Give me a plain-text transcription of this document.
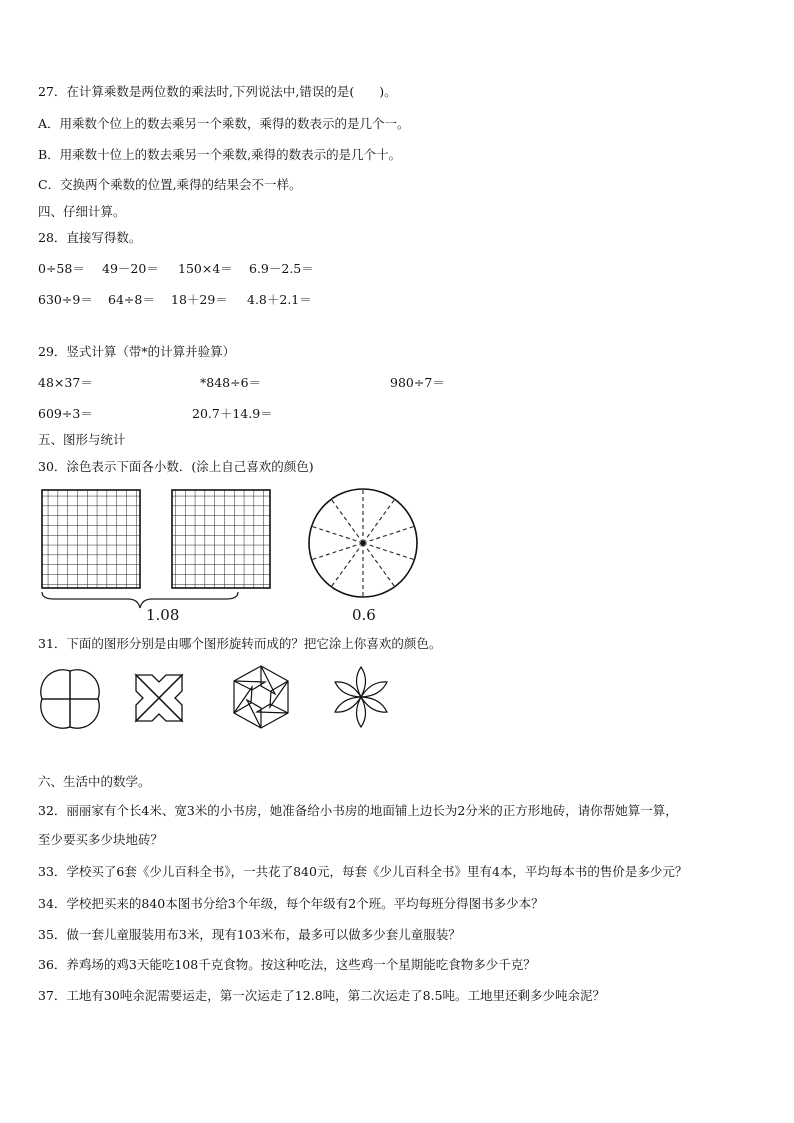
27．在计算乘数是两位数的乘法时,下列说法中,错误的是(　　)。
A．用乘数个位上的数去乘另一个乘数，乘得的数表示的是几个一。
B．用乘数十位上的数去乘另一个乘数,乘得的数表示的是几个十。
C．交换两个乘数的位置,乘得的结果会不一样。
四、仔细计算。
28．直接写得数。
0÷58＝ 49－20＝ 150×4＝ 6.9－2.5＝
630÷9＝ 64÷8＝ 18＋29＝ 4.8＋2.1＝
29．竖式计算（带*的计算并验算）
48×37＝	*848÷6＝	980÷7＝
609÷3＝	20.7＋14.9＝
五、图形与统计
30．涂色表示下面各小数．(涂上自己喜欢的颜色)
1.08	0.6
31．下面的图形分别是由哪个图形旋转而成的？把它涂上你喜欢的颜色。
六、生活中的数学。
32．丽丽家有个长4米、宽3米的小书房，她准备给小书房的地面铺上边长为2分米的正方形地砖，请你帮她算一算，
至少要买多少块地砖？
33．学校买了6套《少儿百科全书》，一共花了840元，每套《少儿百科全书》里有4本，平均每本书的售价是多少元？
34．学校把买来的840本图书分给3个年级，每个年级有2个班。平均每班分得图书多少本？
35．做一套儿童服装用布3米，现有103米布，最多可以做多少套儿童服装？
36．养鸡场的鸡3天能吃108千克食物。按这种吃法，这些鸡一个星期能吃食物多少千克？
37．工地有30吨余泥需要运走，第一次运走了12.8吨，第二次运走了8.5吨。工地里还剩多少吨余泥？
